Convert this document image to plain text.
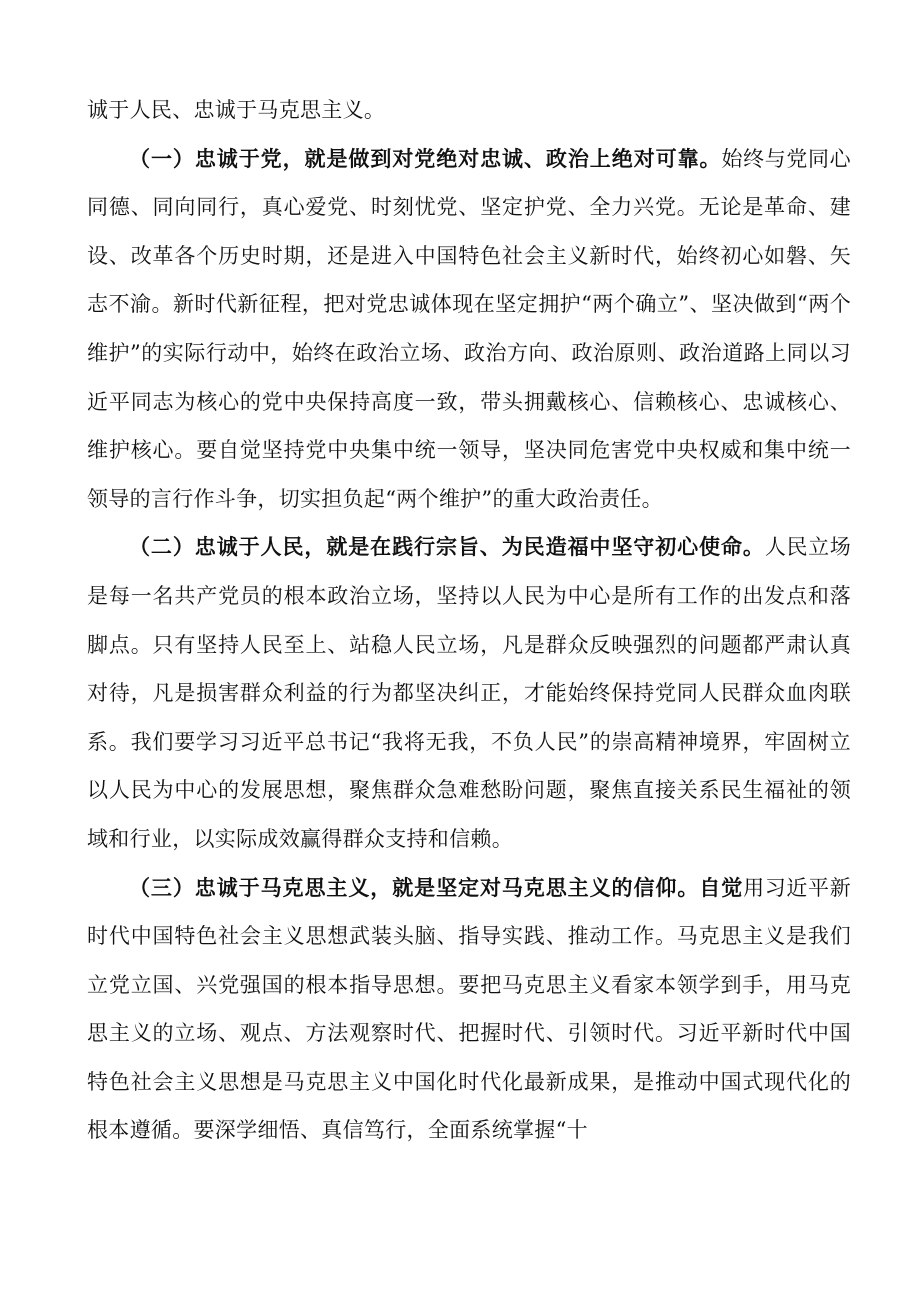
诚于人民、忠诚于马克思主义。

（一）忠诚于党，就是做到对党绝对忠诚、政治上绝对可靠。始终与党同心同德、同向同行，真心爱党、时刻忧党、坚定护党、全力兴党。无论是革命、建设、改革各个历史时期，还是进入中国特色社会主义新时代，始终初心如磐、矢志不渝。新时代新征程，把对党忠诚体现在坚定拥护“两个确立”、坚决做到“两个维护”的实际行动中，始终在政治立场、政治方向、政治原则、政治道路上同以习近平同志为核心的党中央保持高度一致，带头拥戴核心、信赖核心、忠诚核心、维护核心。要自觉坚持党中央集中统一领导，坚决同危害党中央权威和集中统一领导的言行作斗争，切实担负起“两个维护”的重大政治责任。

（二）忠诚于人民，就是在践行宗旨、为民造福中坚守初心使命。人民立场是每一名共产党员的根本政治立场，坚持以人民为中心是所有工作的出发点和落脚点。只有坚持人民至上、站稳人民立场，凡是群众反映强烈的问题都严肃认真对待，凡是损害群众利益的行为都坚决纠正，才能始终保持党同人民群众血肉联系。我们要学习习近平总书记“我将无我，不负人民”的崇高精神境界，牢固树立以人民为中心的发展思想，聚焦群众急难愁盼问题，聚焦直接关系民生福祉的领域和行业，以实际成效赢得群众支持和信赖。

（三）忠诚于马克思主义，就是坚定对马克思主义的信仰。自觉用习近平新时代中国特色社会主义思想武装头脑、指导实践、推动工作。马克思主义是我们立党立国、兴党强国的根本指导思想。要把马克思主义看家本领学到手，用马克思主义的立场、观点、方法观察时代、把握时代、引领时代。习近平新时代中国特色社会主义思想是马克思主义中国化时代化最新成果，是推动中国式现代化的根本遵循。要深学细悟、真信笃行，全面系统掌握“十
